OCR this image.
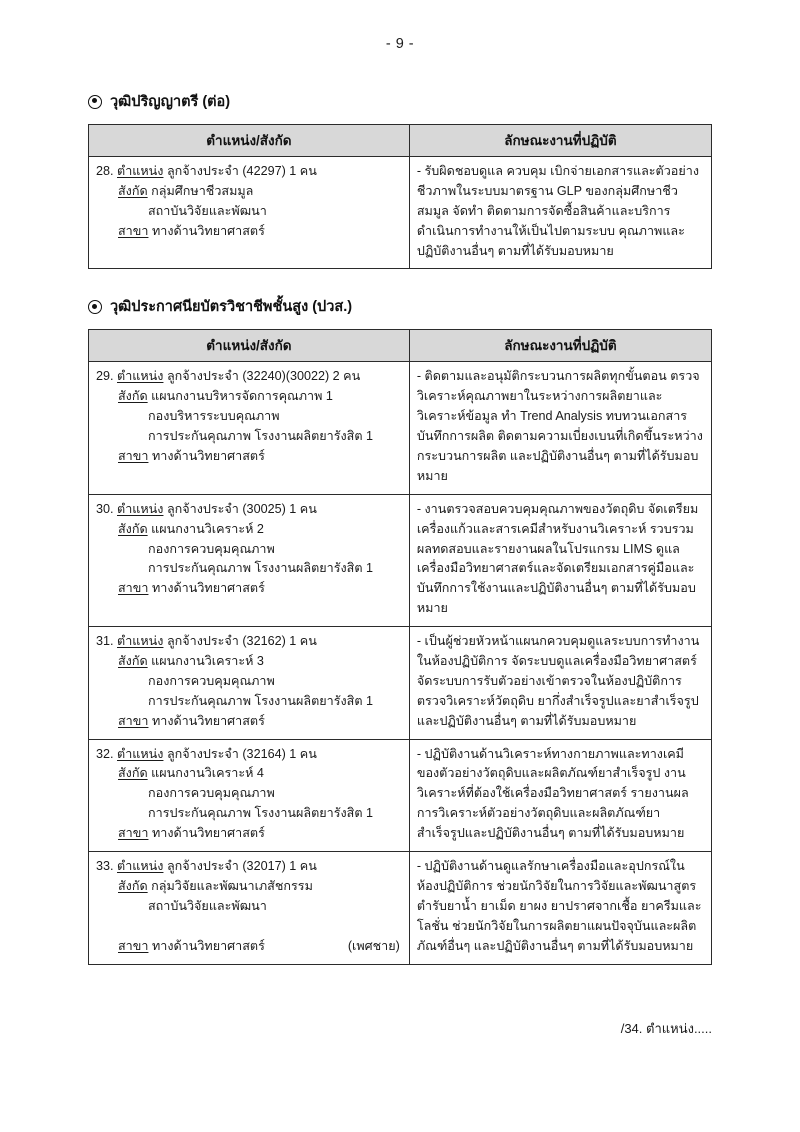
- 9 -
วุฒิปริญญาตรี (ต่อ)
ตำแหน่ง/สังกัด	ลักษณะงานที่ปฏิบัติ

28. ตำแหน่ง ลูกจ้างประจำ (42297) 1 คน
สังกัด กลุ่มศึกษาชีวสมมูล
สถาบันวิจัยและพัฒนา
สาขา ทางด้านวิทยาศาสตร์

- รับผิดชอบดูแล ควบคุม เบิกจ่ายเอกสารและตัวอย่างชีวภาพในระบบมาตรฐาน GLP ของกลุ่มศึกษาชีวสมมูล จัดทำ ติดตามการจัดซื้อสินค้าและบริการ ดำเนินการทำงานให้เป็นไปตามระบบ คุณภาพและปฏิบัติงานอื่นๆ ตามที่ได้รับมอบหมาย

วุฒิประกาศนียบัตรวิชาชีพชั้นสูง (ปวส.)
ตำแหน่ง/สังกัด	ลักษณะงานที่ปฏิบัติ

29. ตำแหน่ง ลูกจ้างประจำ (32240)(30022) 2 คน
สังกัด แผนกงานบริหารจัดการคุณภาพ 1
กองบริหารระบบคุณภาพ
การประกันคุณภาพ โรงงานผลิตยารังสิต 1
สาขา ทางด้านวิทยาศาสตร์

- ติดตามและอนุมัติกระบวนการผลิตทุกขั้นตอน ตรวจวิเคราะห์คุณภาพยาในระหว่างการผลิตยาและวิเคราะห์ข้อมูล ทำ Trend Analysis ทบทวนเอกสารบันทึกการผลิต ติดตามความเบี่ยงเบนที่เกิดขึ้นระหว่างกระบวนการผลิต และปฏิบัติงานอื่นๆ ตามที่ได้รับมอบหมาย

30. ตำแหน่ง ลูกจ้างประจำ (30025) 1 คน
สังกัด แผนกงานวิเคราะห์ 2
กองการควบคุมคุณภาพ
การประกันคุณภาพ โรงงานผลิตยารังสิต 1
สาขา ทางด้านวิทยาศาสตร์

- งานตรวจสอบควบคุมคุณภาพของวัตถุดิบ จัดเตรียมเครื่องแก้วและสารเคมีสำหรับงานวิเคราะห์ รวบรวมผลทดสอบและรายงานผลในโปรแกรม LIMS ดูแลเครื่องมือวิทยาศาสตร์และจัดเตรียมเอกสารคู่มือและบันทึกการใช้งานและปฏิบัติงานอื่นๆ ตามที่ได้รับมอบหมาย

31. ตำแหน่ง ลูกจ้างประจำ (32162) 1 คน
สังกัด แผนกงานวิเคราะห์ 3
กองการควบคุมคุณภาพ
การประกันคุณภาพ โรงงานผลิตยารังสิต 1
สาขา ทางด้านวิทยาศาสตร์

- เป็นผู้ช่วยหัวหน้าแผนกควบคุมดูแลระบบการทำงานในห้องปฏิบัติการ จัดระบบดูแลเครื่องมือวิทยาศาสตร์ จัดระบบการรับตัวอย่างเข้าตรวจในห้องปฏิบัติการ ตรวจวิเคราะห์วัตถุดิบ ยากึ่งสำเร็จรูปและยาสำเร็จรูปและปฏิบัติงานอื่นๆ ตามที่ได้รับมอบหมาย

32. ตำแหน่ง ลูกจ้างประจำ (32164) 1 คน
สังกัด แผนกงานวิเคราะห์ 4
กองการควบคุมคุณภาพ
การประกันคุณภาพ โรงงานผลิตยารังสิต 1
สาขา ทางด้านวิทยาศาสตร์

- ปฏิบัติงานด้านวิเคราะห์ทางกายภาพและทางเคมีของตัวอย่างวัตถุดิบและผลิตภัณฑ์ยาสำเร็จรูป งานวิเคราะห์ที่ต้องใช้เครื่องมือวิทยาศาสตร์ รายงานผลการวิเคราะห์ตัวอย่างวัตถุดิบและผลิตภัณฑ์ยาสำเร็จรูปและปฏิบัติงานอื่นๆ ตามที่ได้รับมอบหมาย

33. ตำแหน่ง ลูกจ้างประจำ (32017) 1 คน
สังกัด กลุ่มวิจัยและพัฒนาเภสัชกรรม
สถาบันวิจัยและพัฒนา
สาขา ทางด้านวิทยาศาสตร์	(เพศชาย)

- ปฏิบัติงานด้านดูแลรักษาเครื่องมือและอุปกรณ์ในห้องปฏิบัติการ ช่วยนักวิจัยในการวิจัยและพัฒนาสูตรตำรับยาน้ำ ยาเม็ด ยาผง ยาปราศจากเชื้อ ยาครีมและโลชั่น ช่วยนักวิจัยในการผลิตยาแผนปัจจุบันและผลิตภัณฑ์อื่นๆ และปฏิบัติงานอื่นๆ ตามที่ได้รับมอบหมาย

/34. ตำแหน่ง.....
